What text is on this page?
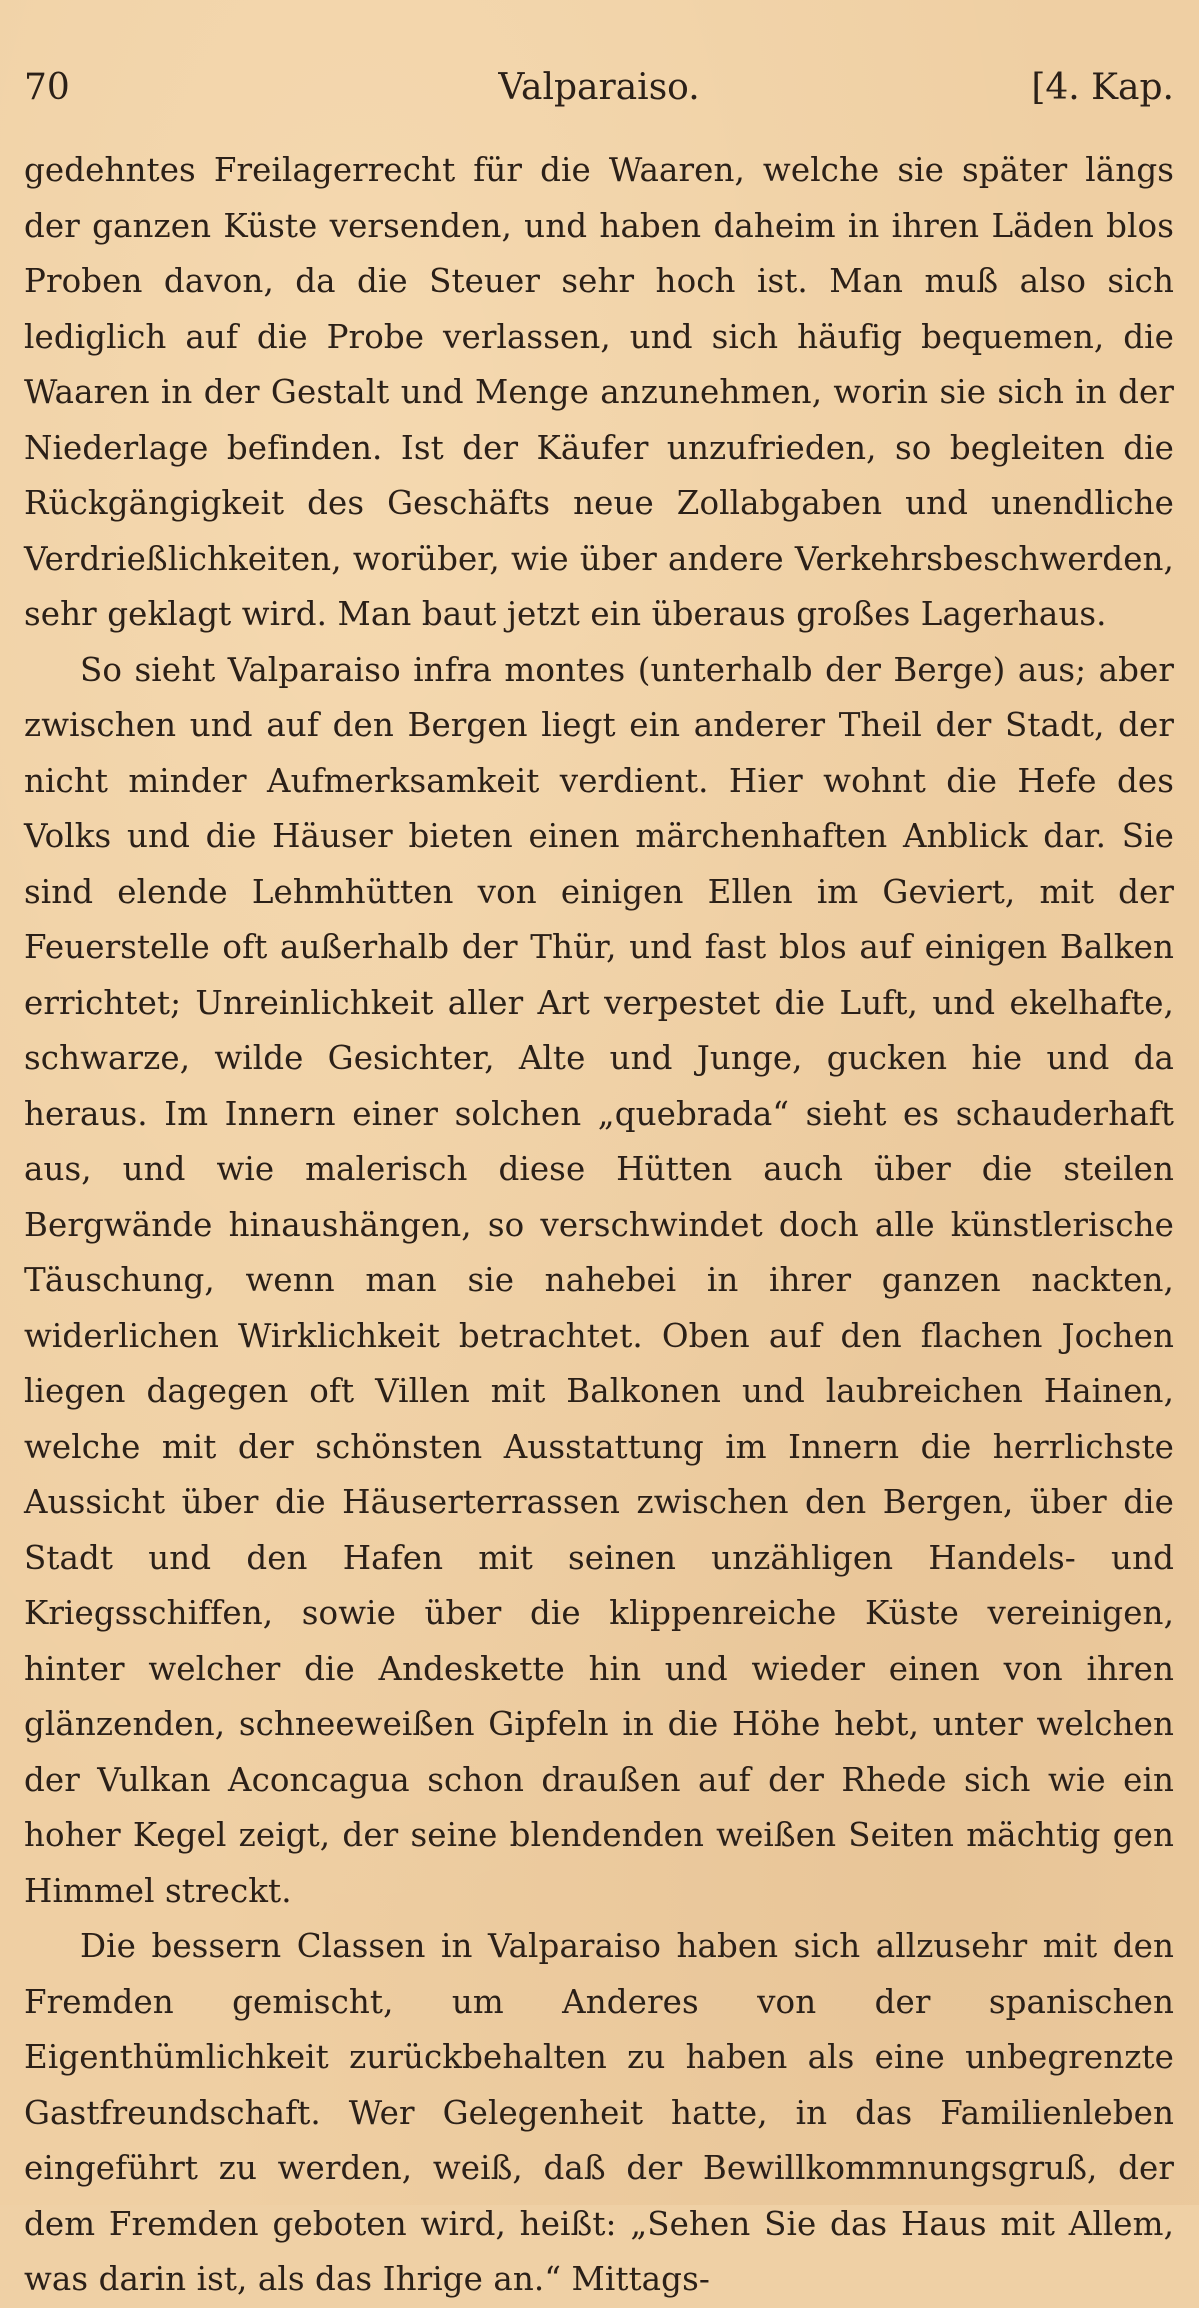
70	Valparaiso.	[4. Kap.

gedehntes Freilagerrecht für die Waaren, welche sie später längs der ganzen Küste versenden, und haben daheim in ihren Läden blos Proben davon, da die Steuer sehr hoch ist. Man muß also sich lediglich auf die Probe verlassen, und sich häufig bequemen, die Waaren in der Gestalt und Menge anzunehmen, worin sie sich in der Niederlage befinden. Ist der Käufer unzufrieden, so begleiten die Rückgängigkeit des Geschäfts neue Zollabgaben und unendliche Verdrießlichkeiten, worüber, wie über andere Verkehrsbeschwerden, sehr geklagt wird. Man baut jetzt ein überaus großes Lagerhaus.

So sieht Valparaiso infra montes (unterhalb der Berge) aus; aber zwischen und auf den Bergen liegt ein anderer Theil der Stadt, der nicht minder Aufmerksamkeit verdient. Hier wohnt die Hefe des Volks und die Häuser bieten einen märchenhaften Anblick dar. Sie sind elende Lehmhütten von einigen Ellen im Geviert, mit der Feuerstelle oft außerhalb der Thür, und fast blos auf einigen Balken errichtet; Unreinlichkeit aller Art verpestet die Luft, und ekelhafte, schwarze, wilde Gesichter, Alte und Junge, gucken hie und da heraus. Im Innern einer solchen „quebrada“ sieht es schauderhaft aus, und wie malerisch diese Hütten auch über die steilen Bergwände hinaushängen, so verschwindet doch alle künstlerische Täuschung, wenn man sie nahebei in ihrer ganzen nackten, widerlichen Wirklichkeit betrachtet. Oben auf den flachen Jochen liegen dagegen oft Villen mit Balkonen und laubreichen Hainen, welche mit der schönsten Ausstattung im Innern die herrlichste Aussicht über die Häuserterrassen zwischen den Bergen, über die Stadt und den Hafen mit seinen unzähligen Handels- und Kriegsschiffen, sowie über die klippenreiche Küste vereinigen, hinter welcher die Andeskette hin und wieder einen von ihren glänzenden, schneeweißen Gipfeln in die Höhe hebt, unter welchen der Vulkan Aconcagua schon draußen auf der Rhede sich wie ein hoher Kegel zeigt, der seine blendenden weißen Seiten mächtig gen Himmel streckt.

Die bessern Classen in Valparaiso haben sich allzusehr mit den Fremden gemischt, um Anderes von der spanischen Eigenthümlichkeit zurückbehalten zu haben als eine unbegrenzte Gastfreundschaft. Wer Gelegenheit hatte, in das Familienleben eingeführt zu werden, weiß, daß der Bewillkommnungsgruß, der dem Fremden geboten wird, heißt: „Sehen Sie das Haus mit Allem, was darin ist, als das Ihrige an.“ Mittags-
